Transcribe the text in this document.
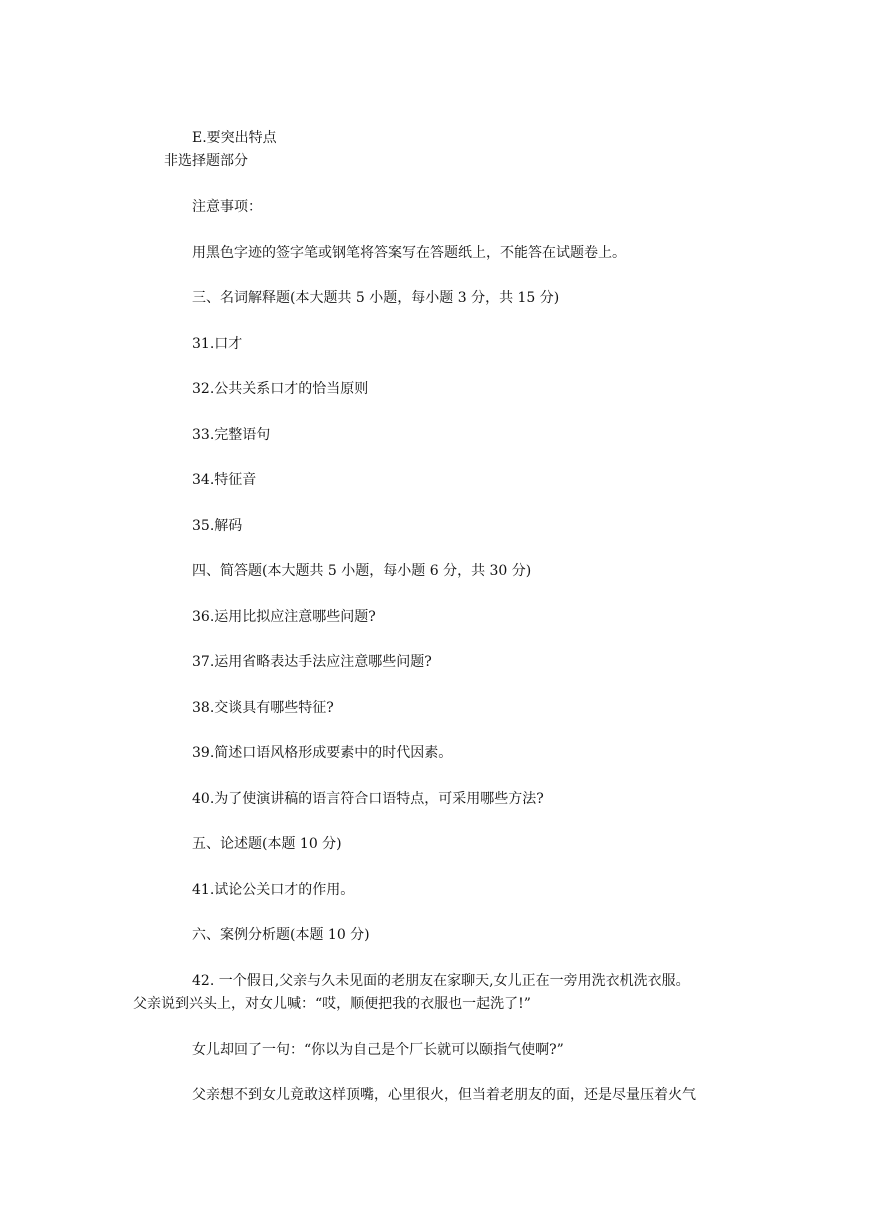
E.要突出特点
非选择题部分
注意事项：
用黑色字迹的签字笔或钢笔将答案写在答题纸上，不能答在试题卷上。
三、名词解释题(本大题共 5 小题，每小题 3 分，共 15 分)
31.口才
32.公共关系口才的恰当原则
33.完整语句
34.特征音
35.解码
四、简答题(本大题共 5 小题，每小题 6 分，共 30 分)
36.运用比拟应注意哪些问题?
37.运用省略表达手法应注意哪些问题?
38.交谈具有哪些特征?
39.简述口语风格形成要素中的时代因素。
40.为了使演讲稿的语言符合口语特点，可采用哪些方法?
五、论述题(本题 10 分)
41.试论公关口才的作用。
六、案例分析题(本题 10 分)
42. 一个假日,父亲与久未见面的老朋友在家聊天,女儿正在一旁用洗衣机洗衣服。
父亲说到兴头上，对女儿喊：“哎，顺便把我的衣服也一起洗了!”
女儿却回了一句：“你以为自己是个厂长就可以颐指气使啊?”
父亲想不到女儿竟敢这样顶嘴，心里很火，但当着老朋友的面，还是尽量压着火气
